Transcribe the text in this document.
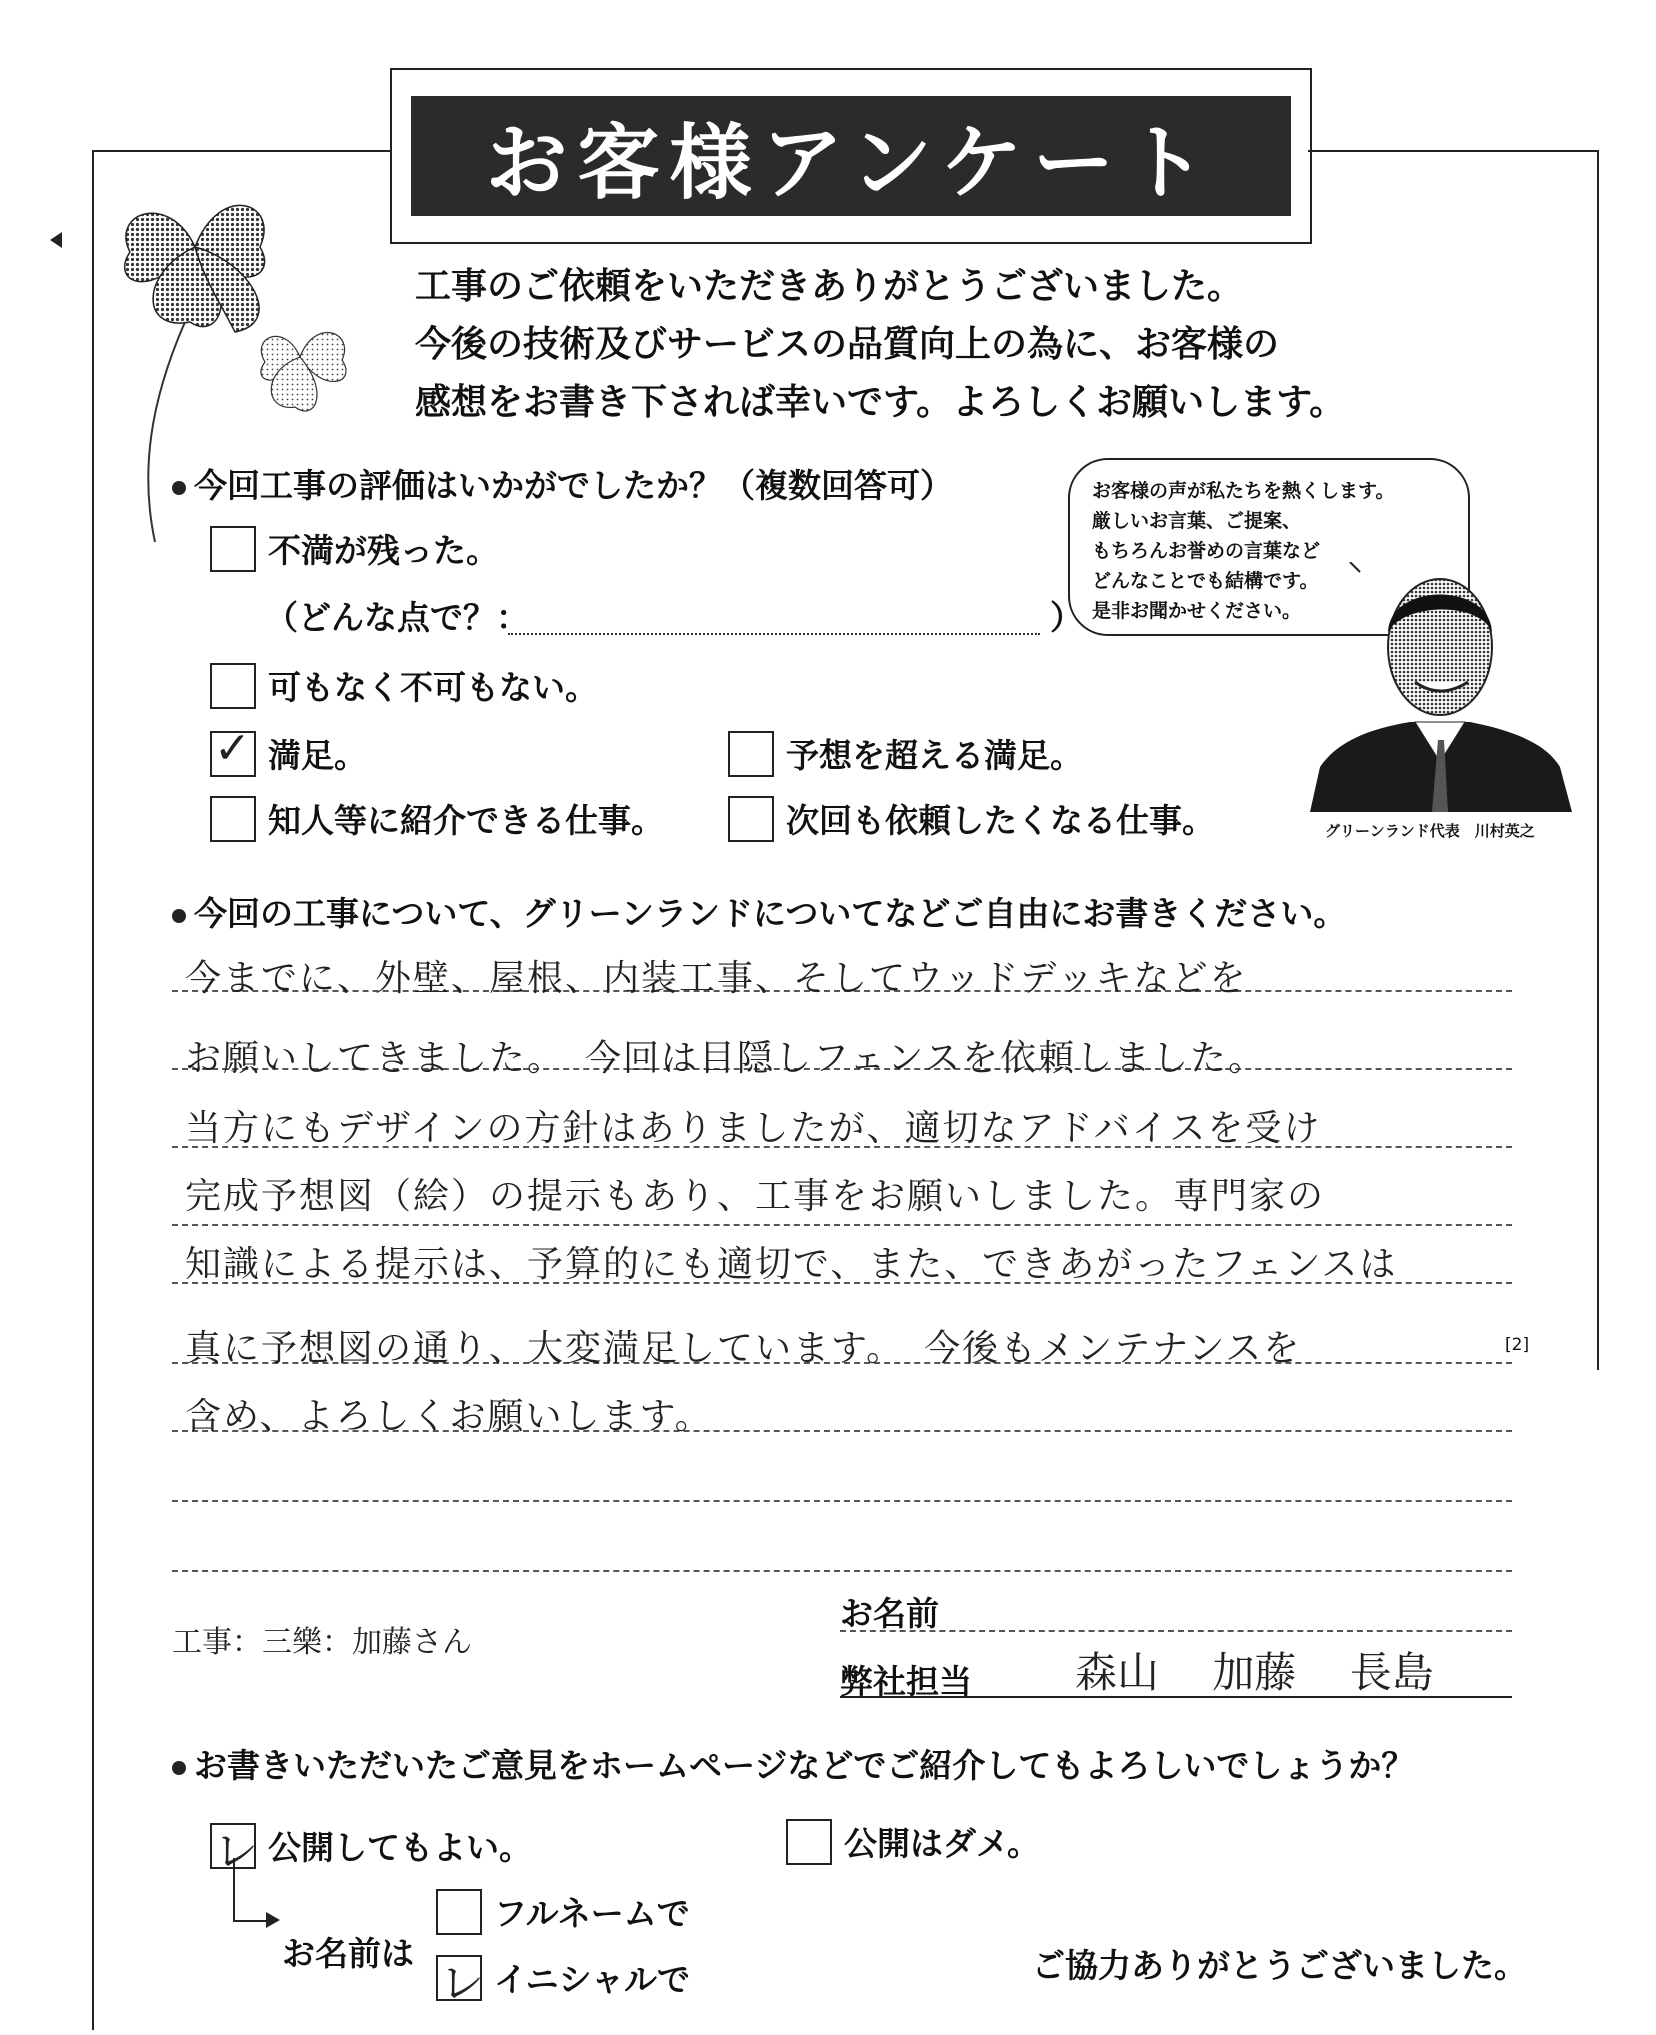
お客様アンケート
工事のご依頼をいただきありがとうございました。
今後の技術及びサービスの品質向上の為に、お客様の
感想をお書き下されば幸いです。よろしくお願いします。
今回工事の評価はいかがでしたか？（複数回答可）
不満が残った。
（どんな点で？：	）
可もなく不可もない。
✓ 満足。	予想を超える満足。
知人等に紹介できる仕事。	次回も依頼したくなる仕事。
お客様の声が私たちを熱くします。
厳しいお言葉、ご提案、
もちろんお誉めの言葉など
どんなことでも結構です。
是非お聞かせください。
グリーンランド代表　川村英之
今回の工事について、グリーンランドについてなどご自由にお書きください。
今までに、外壁、屋根、内装工事、そしてウッドデッキなどを
お願いしてきました。　今回は目隠しフェンスを依頼しました。
当方にもデザインの方針はありましたが、適切なアドバイスを受け
完成予想図（絵）の提示もあり、工事をお願いしました。専門家の
知識による提示は、予算的にも適切で、また、できあがったフェンスは
真に予想図の通り、大変満足しています。　今後もメンテナンスを
含め、よろしくお願いします。
[2]
工事：三樂：加藤さん
お名前
弊社担当 森山 加藤 長島
お書きいただいたご意見をホームページなどでご紹介してもよろしいでしょうか？
レ 公開してもよい。	公開はダメ。
お名前は
フルネームで
レ イニシャルで	ご協力ありがとうございました。
